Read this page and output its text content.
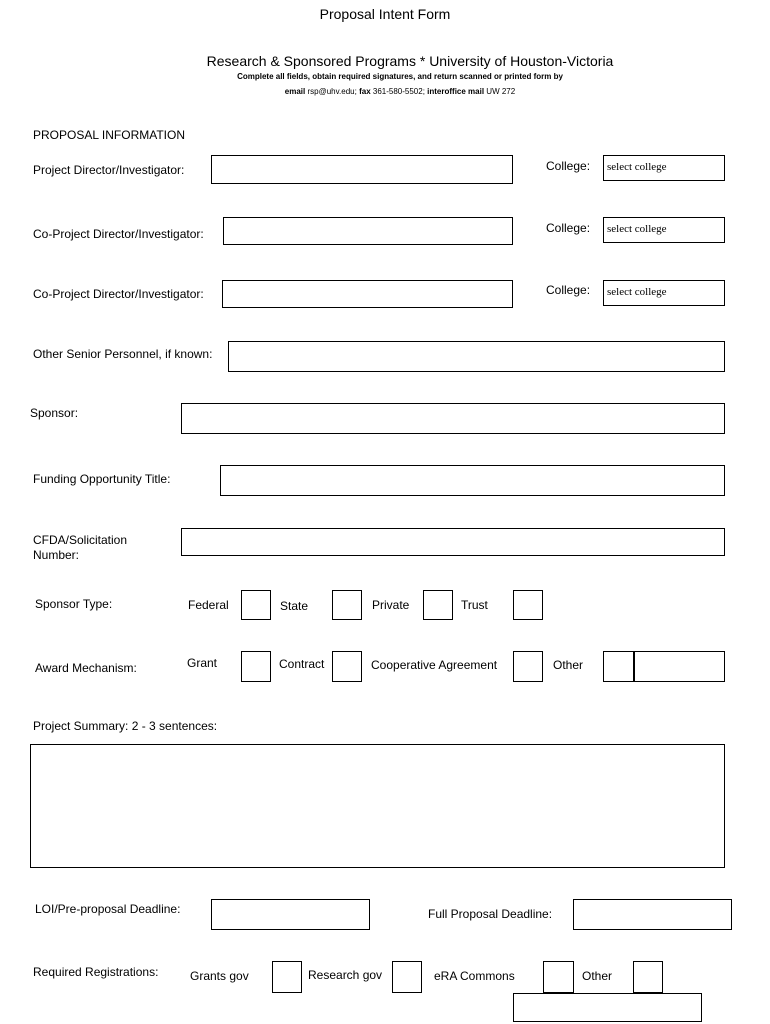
Proposal Intent Form
Research & Sponsored Programs * University of Houston-Victoria
Complete all fields, obtain required signatures, and return scanned or printed form by
email rsp@uhv.edu; fax 361-580-5502; interoffice mail UW 272
PROPOSAL INFORMATION
Project Director/Investigator:	College:	select college
Co-Project Director/Investigator:	College:	select college
Co-Project Director/Investigator:	College:	select college
Other Senior Personnel, if known:
Sponsor:
Funding Opportunity Title:
CFDA/Solicitation
Number:
Sponsor Type:	Federal	State	Private	Trust
Award Mechanism:	Grant	Contract	Cooperative Agreement	Other
Project Summary: 2 - 3 sentences:
LOI/Pre-proposal Deadline:	Full Proposal Deadline:
Required Registrations:	Grants gov	Research gov	eRA Commons	Other
